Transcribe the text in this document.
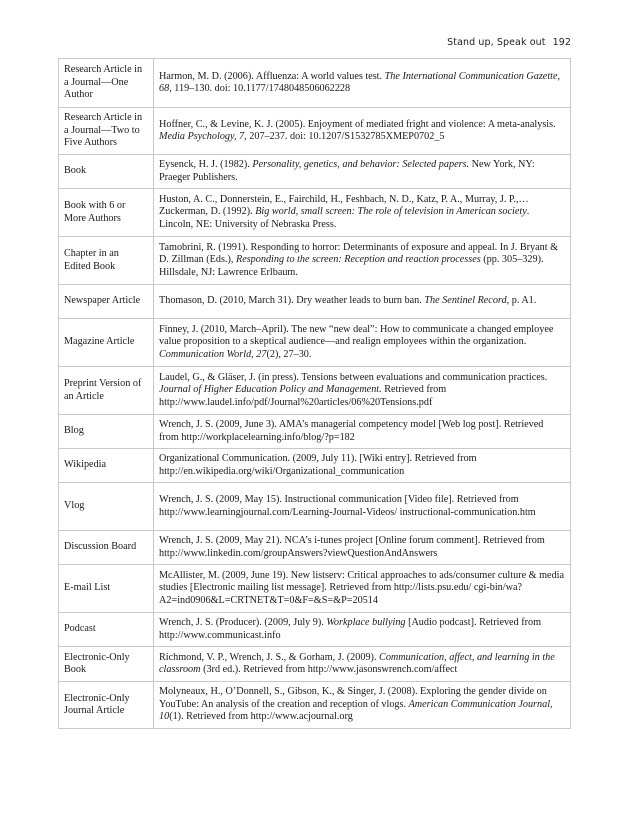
Stand up, Speak out 192
Research Article in a Journal—One Author	Harmon, M. D. (2006). Affluenza: A world values test. The International Communication Gazette, 68, 119–130. doi: 10.1177/1748048506062228
Research Article in a Journal—Two to Five Authors	Hoffner, C., & Levine, K. J. (2005). Enjoyment of mediated fright and violence: A meta-analysis. Media Psychology, 7, 207–237. doi: 10.1207/S1532785XMEP0702_5
Book	Eysenck, H. J. (1982). Personality, genetics, and behavior: Selected papers. New York, NY: Praeger Publishers.
Book with 6 or More Authors	Huston, A. C., Donnerstein, E., Fairchild, H., Feshbach, N. D., Katz, P. A., Murray, J. P.,…Zuckerman, D. (1992). Big world, small screen: The role of television in American society. Lincoln, NE: University of Nebraska Press.
Chapter in an Edited Book	Tamobrini, R. (1991). Responding to horror: Determinants of exposure and appeal. In J. Bryant & D. Zillman (Eds.), Responding to the screen: Reception and reaction processes (pp. 305–329). Hillsdale, NJ: Lawrence Erlbaum.
Newspaper Article	Thomason, D. (2010, March 31). Dry weather leads to burn ban. The Sentinel Record, p. A1.
Magazine Article	Finney, J. (2010, March–April). The new “new deal”: How to communicate a changed employee value proposition to a skeptical audience—and realign employees within the organization. Communication World, 27(2), 27–30.
Preprint Version of an Article	Laudel, G., & Gläser, J. (in press). Tensions between evaluations and communication practices. Journal of Higher Education Policy and Management. Retrieved from http://www.laudel.info/pdf/Journal%20articles/06%20Tensions.pdf
Blog	Wrench, J. S. (2009, June 3). AMA’s managerial competency model [Web log post]. Retrieved from http://workplacelearning.info/blog/?p=182
Wikipedia	Organizational Communication. (2009, July 11). [Wiki entry]. Retrieved from http://en.wikipedia.org/wiki/Organizational_communication
Vlog	Wrench, J. S. (2009, May 15). Instructional communication [Video file]. Retrieved from http://www.learningjournal.com/Learning-Journal-Videos/ instructional-communication.htm
Discussion Board	Wrench, J. S. (2009, May 21). NCA’s i-tunes project [Online forum comment]. Retrieved from http://www.linkedin.com/groupAnswers?viewQuestionAndAnswers
E-mail List	McAllister, M. (2009, June 19). New listserv: Critical approaches to ads/consumer culture & media studies [Electronic mailing list message]. Retrieved from http://lists.psu.edu/ cgi-bin/wa?A2=ind0906&L=CRTNET&T=0&F=&S=&P=20514
Podcast	Wrench, J. S. (Producer). (2009, July 9). Workplace bullying [Audio podcast]. Retrieved from http://www.communicast.info
Electronic-Only Book	Richmond, V. P., Wrench, J. S., & Gorham, J. (2009). Communication, affect, and learning in the classroom (3rd ed.). Retrieved from http://www.jasonswrench.com/affect
Electronic-Only Journal Article	Molyneaux, H., O’Donnell, S., Gibson, K., & Singer, J. (2008). Exploring the gender divide on YouTube: An analysis of the creation and reception of vlogs. American Communication Journal, 10(1). Retrieved from http://www.acjournal.org
